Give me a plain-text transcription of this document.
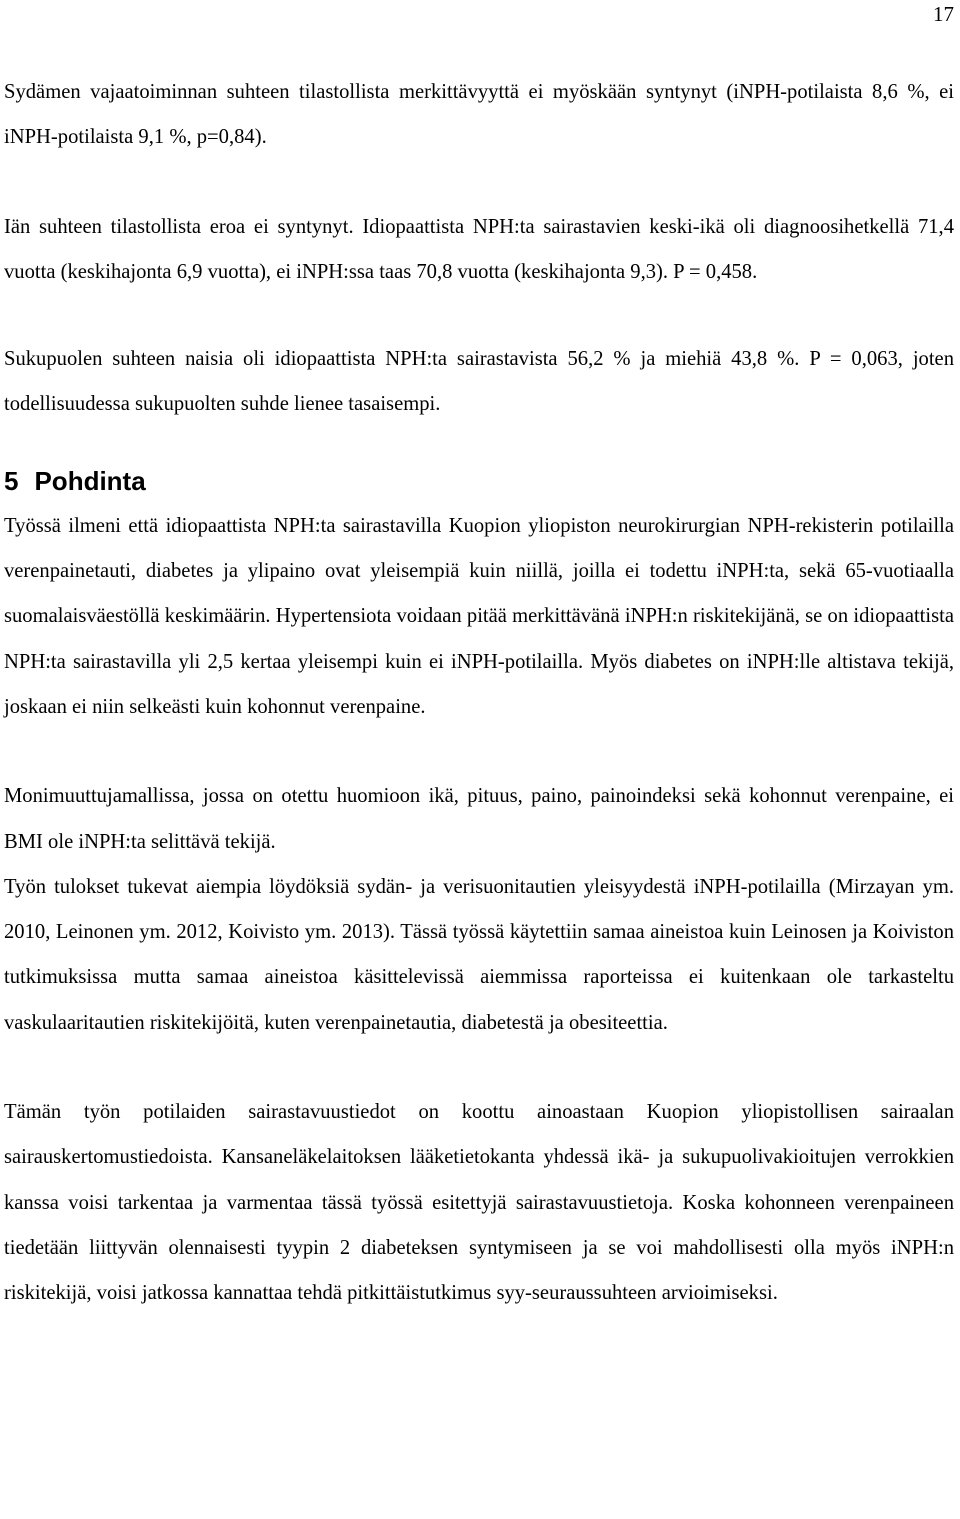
17

Sydämen vajaatoiminnan suhteen tilastollista merkittävyyttä ei myöskään syntynyt (iNPH-potilaista 8,6 %, ei iNPH-potilaista 9,1 %, p=0,84).

Iän suhteen tilastollista eroa ei syntynyt. Idiopaattista NPH:ta sairastavien keski-ikä oli diagnoosihetkellä 71,4 vuotta (keskihajonta 6,9 vuotta), ei iNPH:ssa taas 70,8 vuotta (keskihajonta 9,3). P = 0,458.

Sukupuolen suhteen naisia oli idiopaattista NPH:ta sairastavista 56,2 % ja miehiä 43,8 %. P = 0,063, joten todellisuudessa sukupuolten suhde lienee tasaisempi.

5 Pohdinta

Työssä ilmeni että idiopaattista NPH:ta sairastavilla Kuopion yliopiston neurokirurgian NPH-rekisterin potilailla verenpainetauti, diabetes ja ylipaino ovat yleisempiä kuin niillä, joilla ei todettu iNPH:ta, sekä 65-vuotiaalla suomalaisväestöllä keskimäärin. Hypertensiota voidaan pitää merkittävänä iNPH:n riskitekijänä, se on idiopaattista NPH:ta sairastavilla yli 2,5 kertaa yleisempi kuin ei iNPH-potilailla. Myös diabetes on iNPH:lle altistava tekijä, joskaan ei niin selkeästi kuin kohonnut verenpaine.

Monimuuttujamallissa, jossa on otettu huomioon ikä, pituus, paino, painoindeksi sekä kohonnut verenpaine, ei BMI ole iNPH:ta selittävä tekijä.

Työn tulokset tukevat aiempia löydöksiä sydän- ja verisuonitautien yleisyydestä iNPH-potilailla (Mirzayan ym. 2010, Leinonen ym. 2012, Koivisto ym. 2013). Tässä työssä käytettiin samaa aineistoa kuin Leinosen ja Koiviston tutkimuksissa mutta samaa aineistoa käsittelevissä aiemmissa raporteissa ei kuitenkaan ole tarkasteltu vaskulaaritautien riskitekijöitä, kuten verenpainetautia, diabetestä ja obesiteettia.

Tämän työn potilaiden sairastavuustiedot on koottu ainoastaan Kuopion yliopistollisen sairaalan sairauskertomustiedoista. Kansaneläkelaitoksen lääketietokanta yhdessä ikä- ja sukupuolivakioitujen verrokkien kanssa voisi tarkentaa ja varmentaa tässä työssä esitettyjä sairastavuustietoja. Koska kohonneen verenpaineen tiedetään liittyvän olennaisesti tyypin 2 diabeteksen syntymiseen ja se voi mahdollisesti olla myös iNPH:n riskitekijä, voisi jatkossa kannattaa tehdä pitkittäistutkimus syy-seuraussuhteen arvioimiseksi.
